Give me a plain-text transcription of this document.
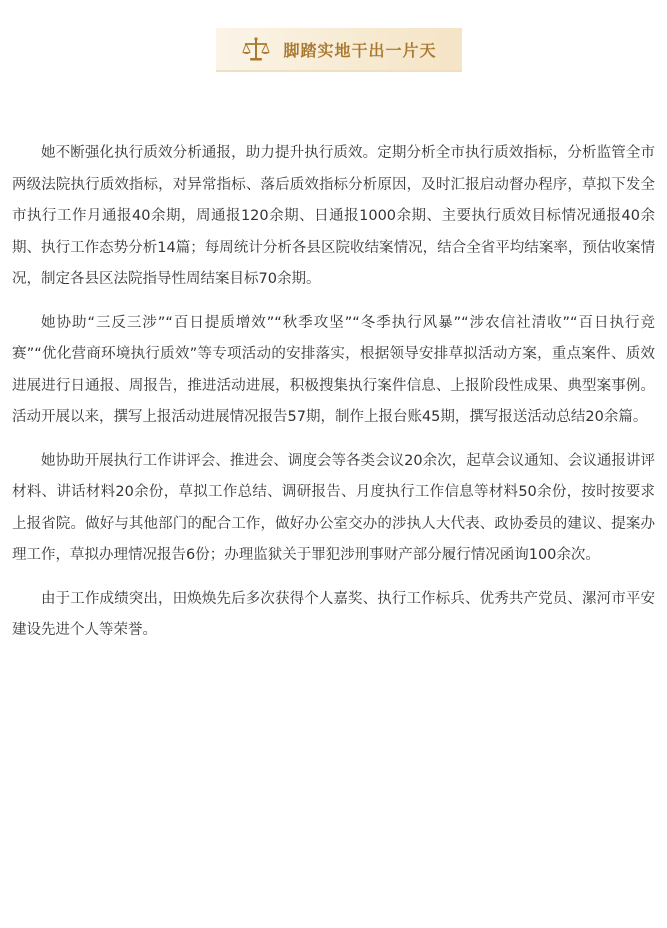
脚踏实地干出一片天

她不断强化执行质效分析通报，助力提升执行质效。定期分析全市执行质效指标，分析监管全市两级法院执行质效指标，对异常指标、落后质效指标分析原因，及时汇报启动督办程序，草拟下发全市执行工作月通报40余期，周通报120余期、日通报1000余期、主要执行质效目标情况通报40余期、执行工作态势分析14篇；每周统计分析各县区院收结案情况，结合全省平均结案率，预估收案情况，制定各县区法院指导性周结案目标70余期。

她协助“三反三涉”“百日提质增效”“秋季攻坚”“冬季执行风暴”“涉农信社清收”“百日执行竞赛”“优化营商环境执行质效”等专项活动的安排落实，根据领导安排草拟活动方案，重点案件、质效进展进行日通报、周报告，推进活动进展，积极搜集执行案件信息、上报阶段性成果、典型案事例。活动开展以来，撰写上报活动进展情况报告57期，制作上报台账45期，撰写报送活动总结20余篇。

她协助开展执行工作讲评会、推进会、调度会等各类会议20余次，起草会议通知、会议通报讲评材料、讲话材料20余份，草拟工作总结、调研报告、月度执行工作信息等材料50余份，按时按要求上报省院。做好与其他部门的配合工作，做好办公室交办的涉执人大代表、政协委员的建议、提案办理工作，草拟办理情况报告6份；办理监狱关于罪犯涉刑事财产部分履行情况函询100余次。

由于工作成绩突出，田焕焕先后多次获得个人嘉奖、执行工作标兵、优秀共产党员、漯河市平安建设先进个人等荣誉。
